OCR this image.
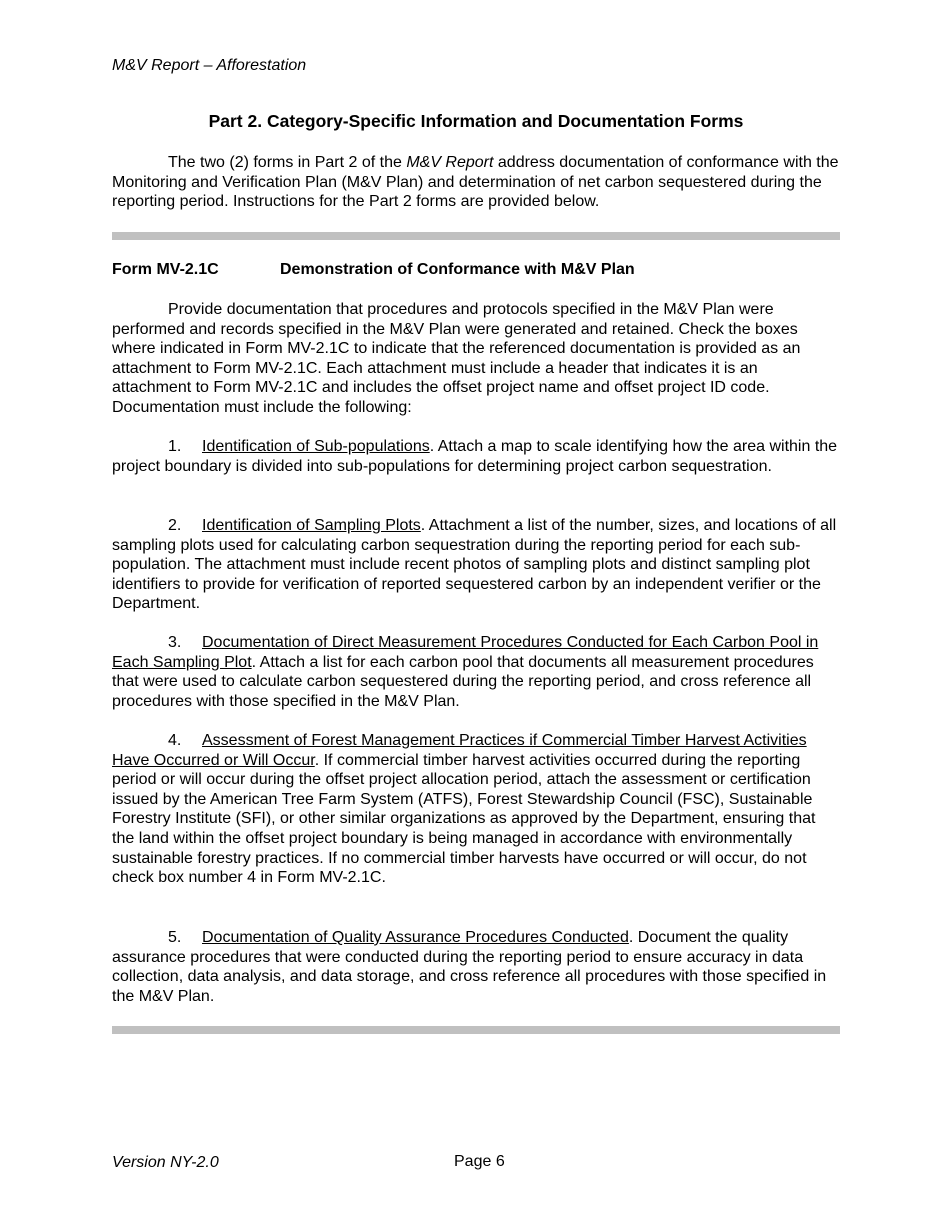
M&V Report – Afforestation
Part 2. Category-Specific Information and Documentation Forms

The two (2) forms in Part 2 of the M&V Report address documentation of conformance with the Monitoring and Verification Plan (M&V Plan) and determination of net carbon sequestered during the reporting period. Instructions for the Part 2 forms are provided below.

Form MV-2.1C	Demonstration of Conformance with M&V Plan

Provide documentation that procedures and protocols specified in the M&V Plan were performed and records specified in the M&V Plan were generated and retained. Check the boxes where indicated in Form MV-2.1C to indicate that the referenced documentation is provided as an attachment to Form MV-2.1C. Each attachment must include a header that indicates it is an attachment to Form MV-2.1C and includes the offset project name and offset project ID code. Documentation must include the following:

1. Identification of Sub-populations. Attach a map to scale identifying how the area within the project boundary is divided into sub-populations for determining project carbon sequestration.

2. Identification of Sampling Plots. Attachment a list of the number, sizes, and locations of all sampling plots used for calculating carbon sequestration during the reporting period for each sub-population. The attachment must include recent photos of sampling plots and distinct sampling plot identifiers to provide for verification of reported sequestered carbon by an independent verifier or the Department.

3. Documentation of Direct Measurement Procedures Conducted for Each Carbon Pool in Each Sampling Plot. Attach a list for each carbon pool that documents all measurement procedures that were used to calculate carbon sequestered during the reporting period, and cross reference all procedures with those specified in the M&V Plan.

4. Assessment of Forest Management Practices if Commercial Timber Harvest Activities Have Occurred or Will Occur. If commercial timber harvest activities occurred during the reporting period or will occur during the offset project allocation period, attach the assessment or certification issued by the American Tree Farm System (ATFS), Forest Stewardship Council (FSC), Sustainable Forestry Institute (SFI), or other similar organizations as approved by the Department, ensuring that the land within the offset project boundary is being managed in accordance with environmentally sustainable forestry practices. If no commercial timber harvests have occurred or will occur, do not check box number 4 in Form MV-2.1C.

5. Documentation of Quality Assurance Procedures Conducted. Document the quality assurance procedures that were conducted during the reporting period to ensure accuracy in data collection, data analysis, and data storage, and cross reference all procedures with those specified in the M&V Plan.

Version NY-2.0	Page 6
